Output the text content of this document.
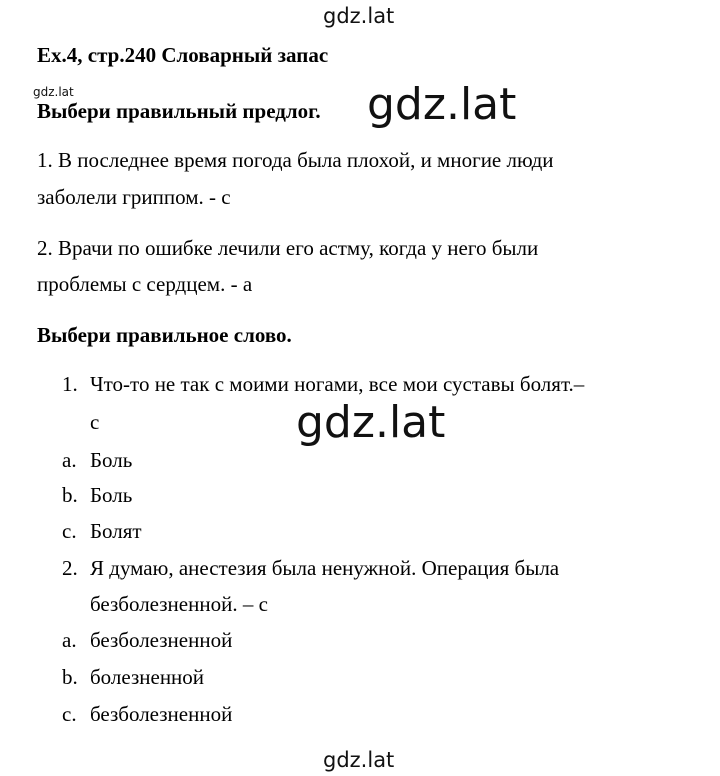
gdz.lat
gdz.lat	gdz.lat
gdz.lat
gdz.lat
Ex.4, стр.240 Словарный запас
Выбери правильный предлог.
1. В последнее время погода была плохой, и многие люди
заболели гриппом. - с
2. Врачи по ошибке лечили его астму, когда у него были
проблемы с сердцем. - а
Выбери правильное слово.
1. Что-то не так с моими ногами, все мои суставы болят.–
с
a. Боль
b. Боль
c. Болят
2. Я думаю, анестезия была ненужной. Операция была
безболезненной. – с
a. безболезненной
b. болезненной
c. безболезненной
